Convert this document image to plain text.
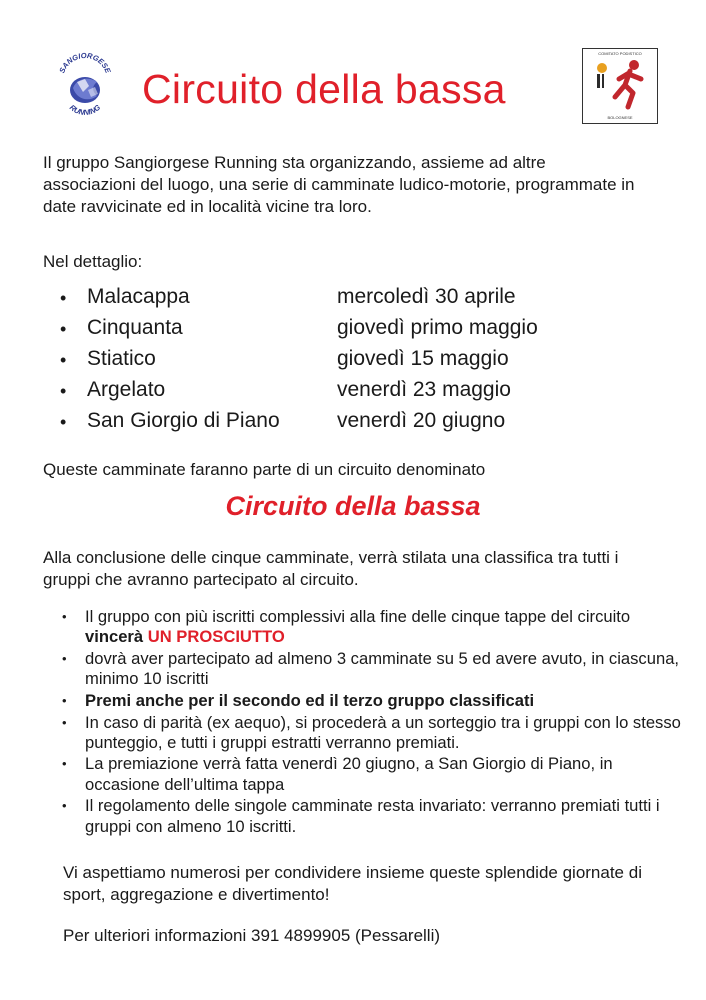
SANGIORGESE
RUNNING Circuito della bassa
COMITATO PODISTICO
BOLOGNESE

Il gruppo Sangiorgese Running sta organizzando, assieme ad altre associazioni del luogo, una serie di camminate ludico-motorie, programmate in date ravvicinate ed in località vicine tra loro.

Nel dettaglio:

• Malacappa	mercoledì 30 aprile
• Cinquanta	giovedì primo maggio
• Stiatico	giovedì 15 maggio
• Argelato	venerdì 23 maggio
• San Giorgio di Piano	venerdì 20 giugno

Queste camminate faranno parte di un circuito denominato

Circuito della bassa

Alla conclusione delle cinque camminate, verrà stilata una classifica tra tutti i gruppi che avranno partecipato al circuito.

• Il gruppo con più iscritti complessivi alla fine delle cinque tappe del circuito vincerà UN PROSCIUTTO
• dovrà aver partecipato ad almeno 3 camminate su 5 ed avere avuto, in ciascuna, minimo 10 iscritti
• Premi anche per il secondo ed il terzo gruppo classificati
• In caso di parità (ex aequo), si procederà a un sorteggio tra i gruppi con lo stesso punteggio, e tutti i gruppi estratti verranno premiati.
• La premiazione verrà fatta venerdì 20 giugno, a San Giorgio di Piano, in occasione dell’ultima tappa
• Il regolamento delle singole camminate resta invariato: verranno premiati tutti i gruppi con almeno 10 iscritti.

Vi aspettiamo numerosi per condividere insieme queste splendide giornate di sport, aggregazione e divertimento!

Per ulteriori informazioni 391 4899905 (Pessarelli)
